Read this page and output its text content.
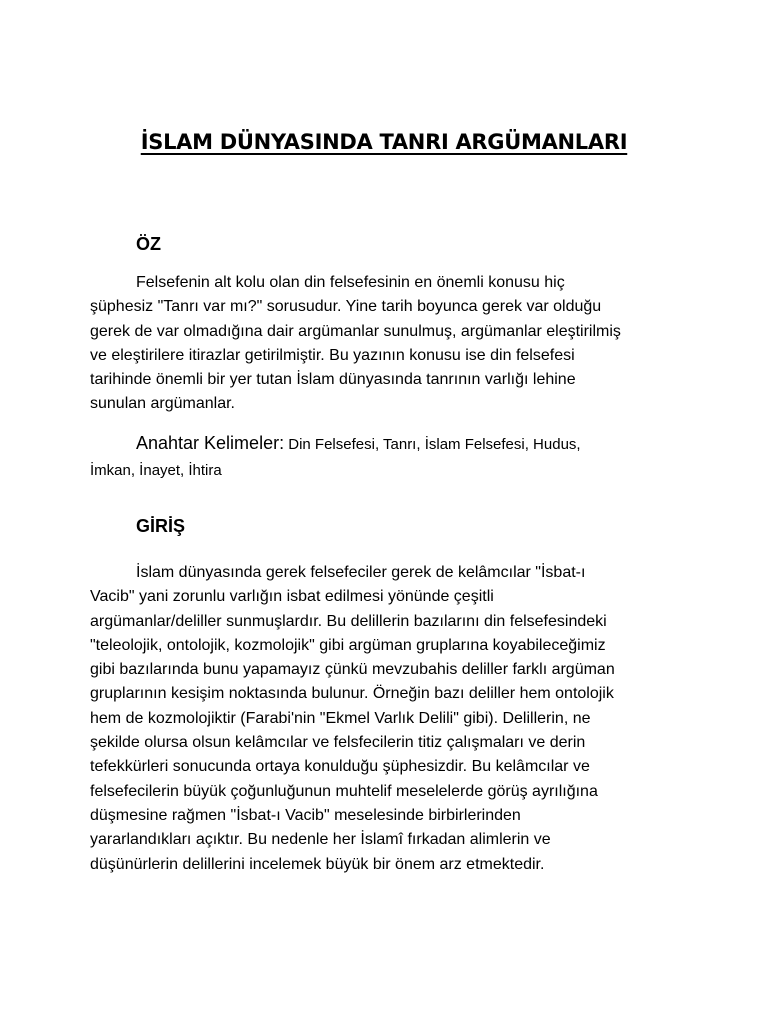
İSLAM DÜNYASINDA TANRI ARGÜMANLARI
ÖZ

Felsefenin alt kolu olan din felsefesinin en önemli konusu hiç
şüphesiz "Tanrı var mı?" sorusudur. Yine tarih boyunca gerek var olduğu
gerek de var olmadığına dair argümanlar sunulmuş, argümanlar eleştirilmiş
ve eleştirilere itirazlar getirilmiştir. Bu yazının konusu ise din felsefesi
tarihinde önemli bir yer tutan İslam dünyasında tanrının varlığı lehine
sunulan argümanlar.

Anahtar Kelimeler: Din Felsefesi, Tanrı, İslam Felsefesi, Hudus,
İmkan, İnayet, İhtira

GİRİŞ

İslam dünyasında gerek felsefeciler gerek de kelâmcılar "İsbat-ı
Vacib" yani zorunlu varlığın isbat edilmesi yönünde çeşitli
argümanlar/deliller sunmuşlardır. Bu delillerin bazılarını din felsefesindeki
"teleolojik, ontolojik, kozmolojik" gibi argüman gruplarına koyabileceğimiz
gibi bazılarında bunu yapamayız çünkü mevzubahis deliller farklı argüman
gruplarının kesişim noktasında bulunur. Örneğin bazı deliller hem ontolojik
hem de kozmolojiktir (Farabi'nin "Ekmel Varlık Delili" gibi). Delillerin, ne
şekilde olursa olsun kelâmcılar ve felsfecilerin titiz çalışmaları ve derin
tefekkürleri sonucunda ortaya konulduğu şüphesizdir. Bu kelâmcılar ve
felsefecilerin büyük çoğunluğunun muhtelif meselelerde görüş ayrılığına
düşmesine rağmen "İsbat-ı Vacib" meselesinde birbirlerinden
yararlandıkları açıktır. Bu nedenle her İslamî fırkadan alimlerin ve
düşünürlerin delillerini incelemek büyük bir önem arz etmektedir.
